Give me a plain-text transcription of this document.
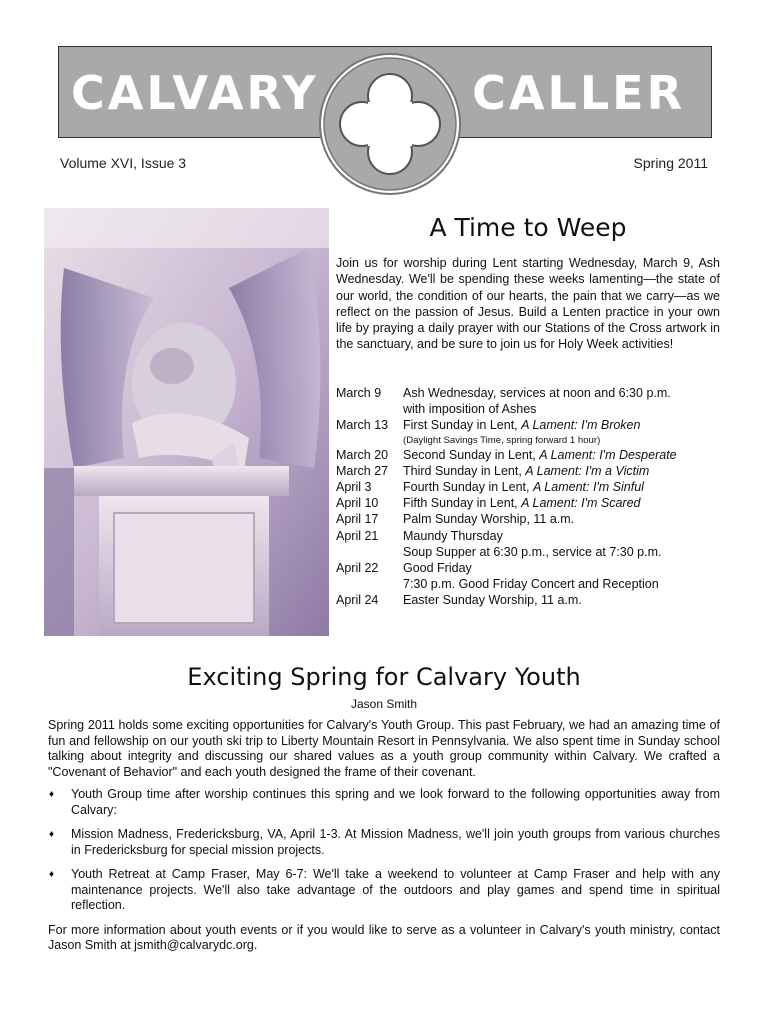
CALVARY	CALLER
Volume XVI, Issue 3	Spring 2011
A Time to Weep

Join us for worship during Lent starting Wednesday, March 9, Ash Wednesday. We'll be spending these weeks lamenting—the state of our world, the condition of our hearts, the pain that we carry—as we reflect on the passion of Jesus. Build a Lenten practice in your own life by praying a daily prayer with our Stations of the Cross artwork in the sanctuary, and be sure to join us for Holy Week activities!

March 9	Ash Wednesday, services at noon and 6:30 p.m.
with imposition of Ashes
March 13	First Sunday in Lent, A Lament: I'm Broken
(Daylight Savings Time, spring forward 1 hour)
March 20	Second Sunday in Lent, A Lament: I'm Desperate
March 27	Third Sunday in Lent, A Lament: I'm a Victim
April 3	Fourth Sunday in Lent, A Lament: I'm Sinful
April 10	Fifth Sunday in Lent, A Lament: I'm Scared
April 17	Palm Sunday Worship, 11 a.m.
April 21	Maundy Thursday
Soup Supper at 6:30 p.m., service at 7:30 p.m.
April 22	Good Friday
7:30 p.m. Good Friday Concert and Reception
April 24	Easter Sunday Worship, 11 a.m.
Exciting Spring for Calvary Youth
Jason Smith

Spring 2011 holds some exciting opportunities for Calvary's Youth Group. This past February, we had an amazing time of fun and fellowship on our youth ski trip to Liberty Mountain Resort in Pennsylvania. We also spent time in Sunday school talking about integrity and discussing our shared values as a youth group community within Calvary. We crafted a "Covenant of Behavior" and each youth designed the frame of their covenant.

♦ Youth Group time after worship continues this spring and we look forward to the following opportunities away from Calvary:
♦ Mission Madness, Fredericksburg, VA, April 1-3. At Mission Madness, we'll join youth groups from various churches in Fredericksburg for special mission projects.
♦ Youth Retreat at Camp Fraser, May 6-7: We'll take a weekend to volunteer at Camp Fraser and help with any maintenance projects. We'll also take advantage of the outdoors and play games and spend time in spiritual reflection.

For more information about youth events or if you would like to serve as a volunteer in Calvary's youth ministry, contact Jason Smith at jsmith@calvarydc.org.
